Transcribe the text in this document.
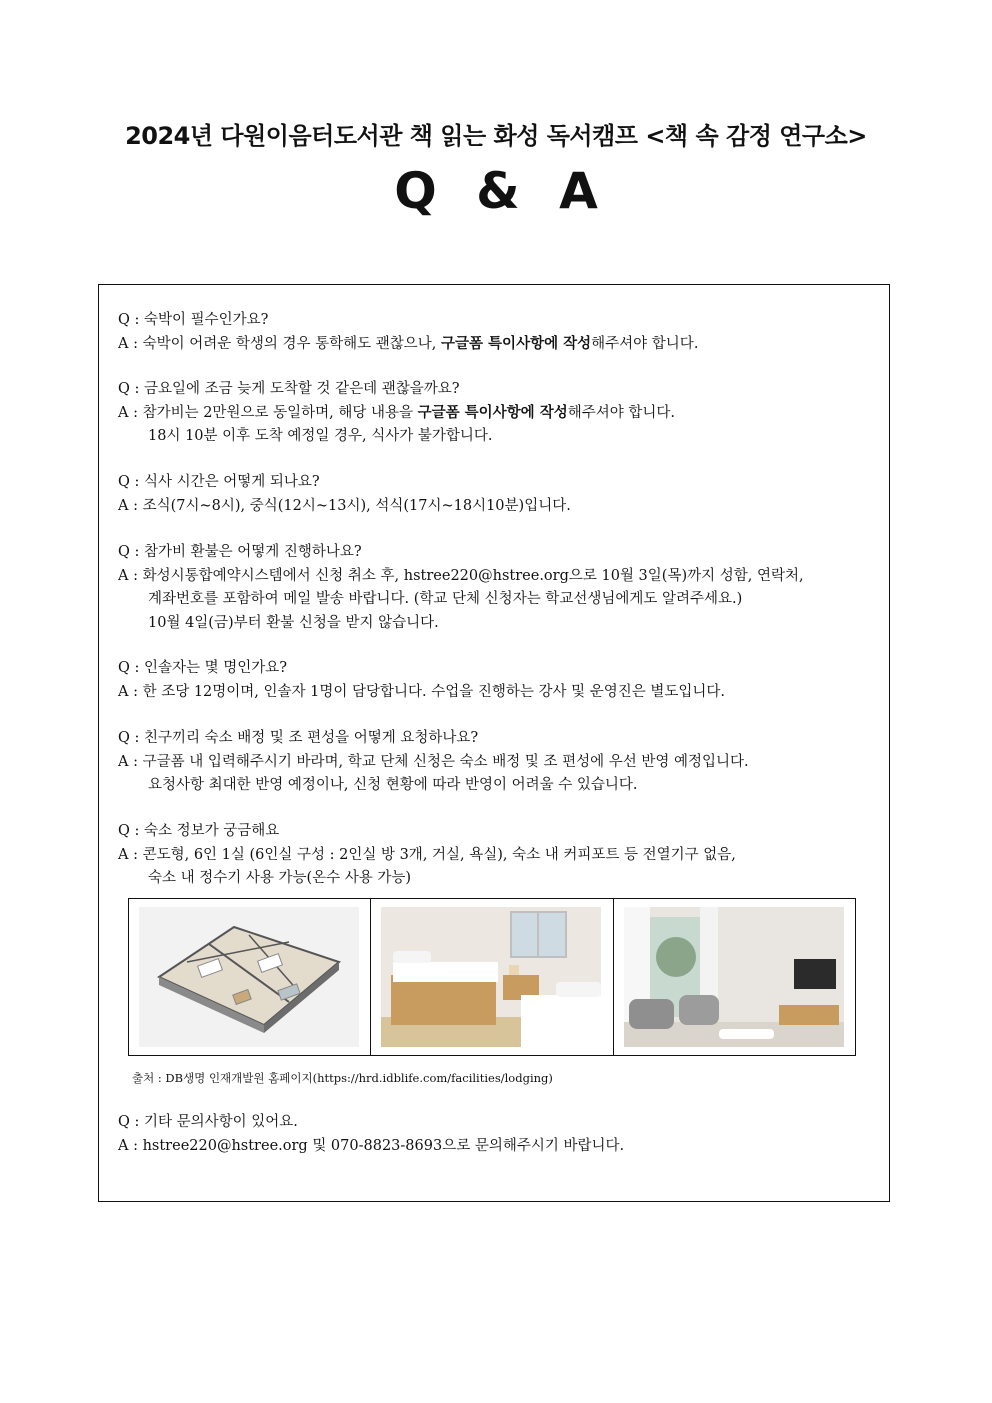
2024년 다원이음터도서관 책 읽는 화성 독서캠프 <책 속 감정 연구소>
Q & A

Q : 숙박이 필수인가요?

A : 숙박이 어려운 학생의 경우 통학해도 괜찮으나, 구글폼 특이사항에 작성해주셔야 합니다.

Q : 금요일에 조금 늦게 도착할 것 같은데 괜찮을까요?

A : 참가비는 2만원으로 동일하며, 해당 내용을 구글폼 특이사항에 작성해주셔야 합니다.

18시 10분 이후 도착 예정일 경우, 식사가 불가합니다.

Q : 식사 시간은 어떻게 되나요?

A : 조식(7시~8시), 중식(12시~13시), 석식(17시~18시10분)입니다.

Q : 참가비 환불은 어떻게 진행하나요?

A : 화성시통합예약시스템에서 신청 취소 후, hstree220@hstree.org으로 10월 3일(목)까지 성함, 연락처,

계좌번호를 포함하여 메일 발송 바랍니다. (학교 단체 신청자는 학교선생님에게도 알려주세요.)

10월 4일(금)부터 환불 신청을 받지 않습니다.

Q : 인솔자는 몇 명인가요?

A : 한 조당 12명이며, 인솔자 1명이 담당합니다. 수업을 진행하는 강사 및 운영진은 별도입니다.

Q : 친구끼리 숙소 배정 및 조 편성을 어떻게 요청하나요?

A : 구글폼 내 입력해주시기 바라며, 학교 단체 신청은 숙소 배정 및 조 편성에 우선 반영 예정입니다.

요청사항 최대한 반영 예정이나, 신청 현황에 따라 반영이 어려울 수 있습니다.

Q : 숙소 정보가 궁금해요

A : 콘도형, 6인 1실 (6인실 구성 : 2인실 방 3개, 거실, 욕실), 숙소 내 커피포트 등 전열기구 없음,

숙소 내 정수기 사용 가능(온수 사용 가능)

출처 : DB생명 인재개발원 홈페이지(https://hrd.idblife.com/facilities/lodging)

Q : 기타 문의사항이 있어요.

A : hstree220@hstree.org 및 070-8823-8693으로 문의해주시기 바랍니다.
